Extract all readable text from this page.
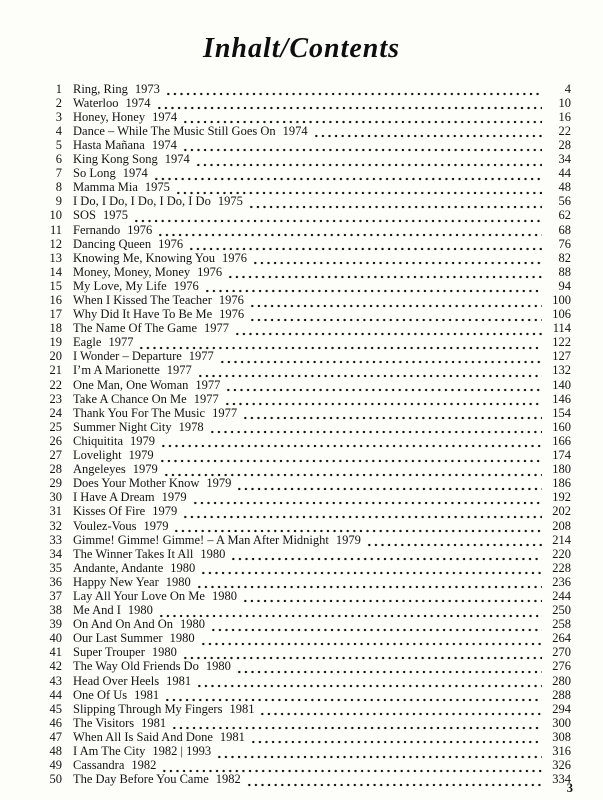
Inhalt/Contents
1 Ring, Ring 1973	4
2 Waterloo 1974	10
3 Honey, Honey 1974	16
4 Dance – While The Music Still Goes On 1974	22
5 Hasta Mañana 1974	28
6 King Kong Song 1974	34
7 So Long 1974	44
8 Mamma Mia 1975	48
9 I Do, I Do, I Do, I Do, I Do 1975	56
10 SOS 1975	62
11 Fernando 1976	68
12 Dancing Queen 1976	76
13 Knowing Me, Knowing You 1976	82
14 Money, Money, Money 1976	88
15 My Love, My Life 1976	94
16 When I Kissed The Teacher 1976	100
17 Why Did It Have To Be Me 1976	106
18 The Name Of The Game 1977	114
19 Eagle 1977	122
20 I Wonder – Departure 1977	127
21 I’m A Marionette 1977	132
22 One Man, One Woman 1977	140
23 Take A Chance On Me 1977	146
24 Thank You For The Music 1977	154
25 Summer Night City 1978	160
26 Chiquitita 1979	166
27 Lovelight 1979	174
28 Angeleyes 1979	180
29 Does Your Mother Know 1979	186
30 I Have A Dream 1979	192
31 Kisses Of Fire 1979	202
32 Voulez-Vous 1979	208
33 Gimme! Gimme! Gimme! – A Man After Midnight 1979	214
34 The Winner Takes It All 1980	220
35 Andante, Andante 1980	228
36 Happy New Year 1980	236
37 Lay All Your Love On Me 1980	244
38 Me And I 1980	250
39 On And On And On 1980	258
40 Our Last Summer 1980	264
41 Super Trouper 1980	270
42 The Way Old Friends Do 1980	276
43 Head Over Heels 1981	280
44 One Of Us 1981	288
45 Slipping Through My Fingers 1981	294
46 The Visitors 1981	300
47 When All Is Said And Done 1981	308
48 I Am The City 1982 | 1993	316
49 Cassandra 1982	326
50 The Day Before You Came 1982	334
3
